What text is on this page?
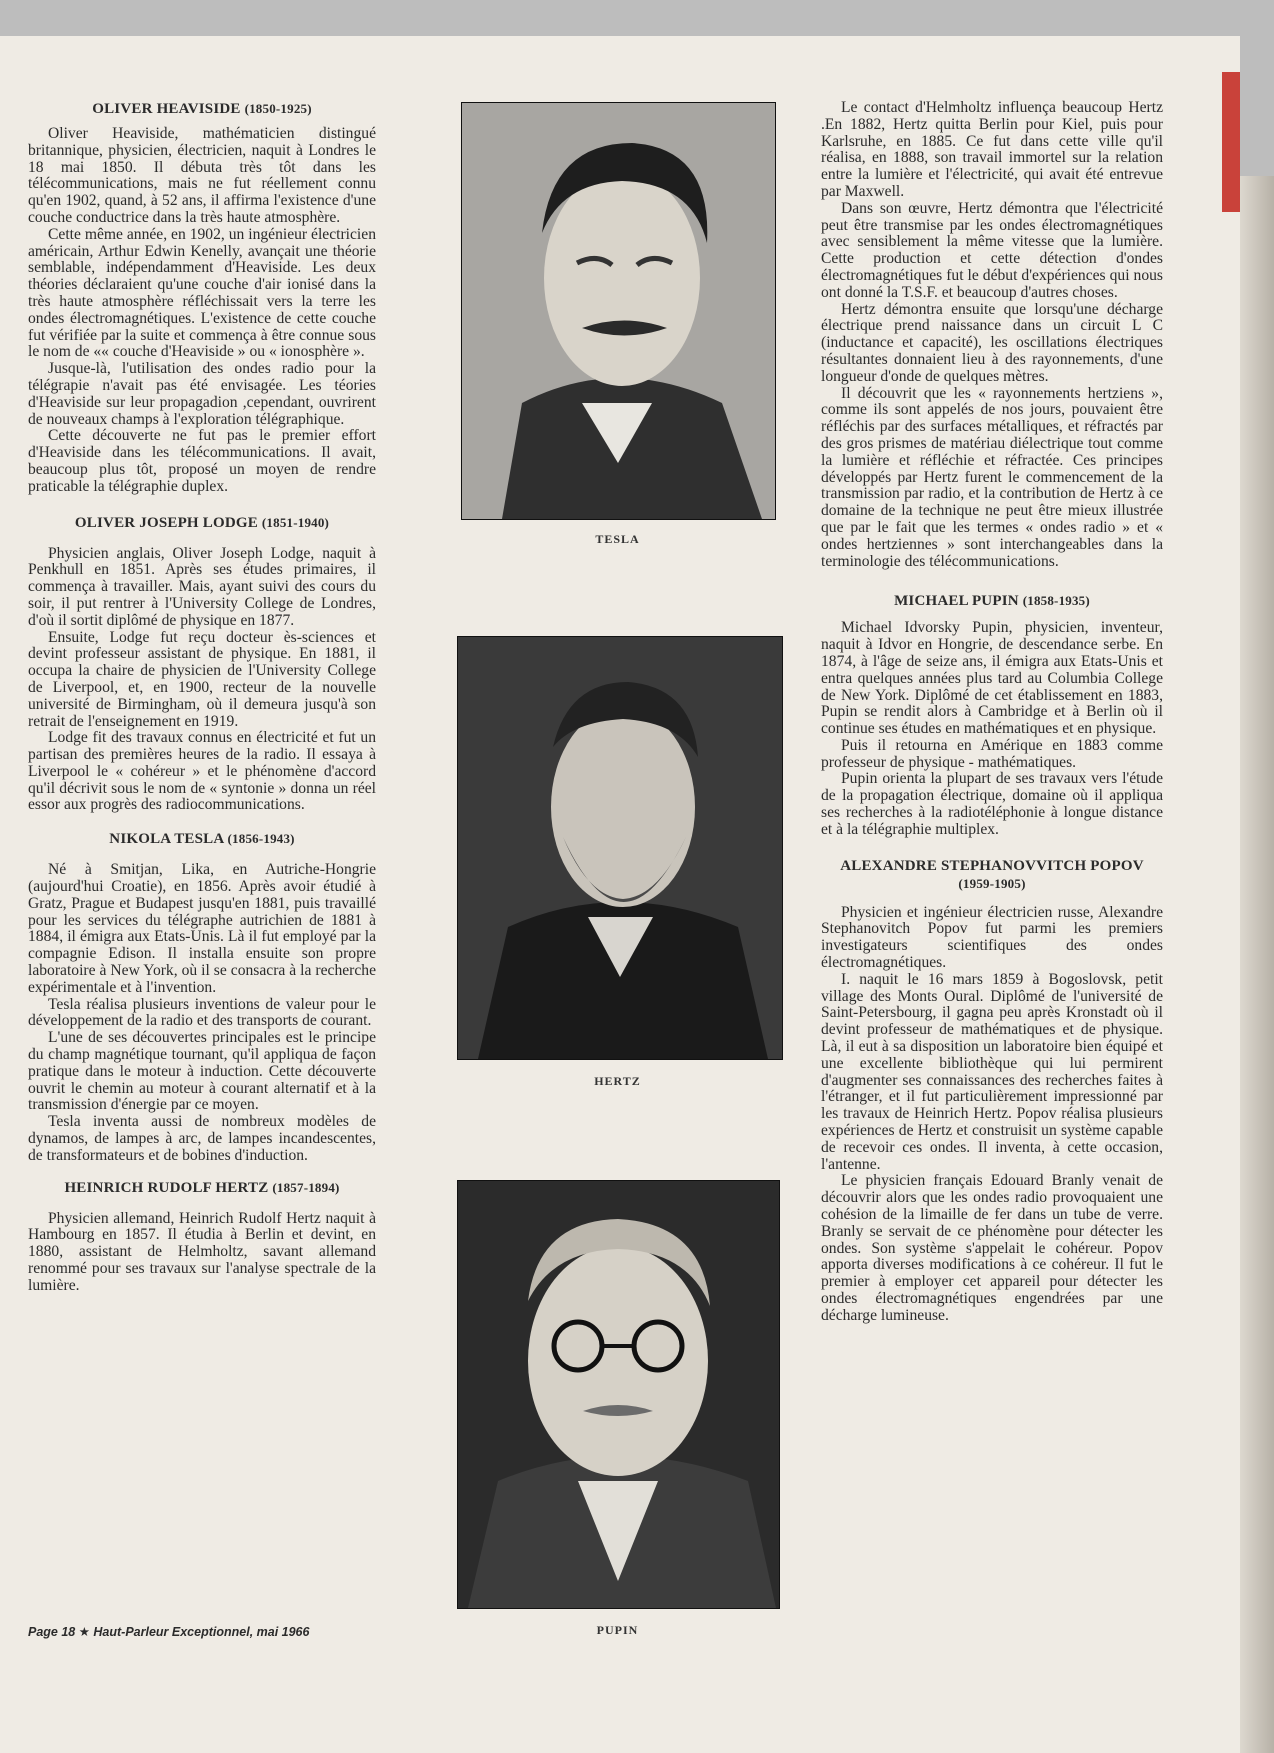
OLIVER HEAVISIDE (1850-1925)

Oliver Heaviside, mathématicien distingué britannique, physicien, électricien, naquit à Londres le 18 mai 1850. Il débuta très tôt dans les télécommunications, mais ne fut réellement connu qu'en 1902, quand, à 52 ans, il affirma l'existence d'une couche conductrice dans la très haute atmosphère.

Cette même année, en 1902, un ingénieur électricien américain, Arthur Edwin Kenelly, avançait une théorie semblable, indépendamment d'Heaviside. Les deux théories déclaraient qu'une couche d'air ionisé dans la très haute atmosphère réfléchissait vers la terre les ondes électromagnétiques. L'existence de cette couche fut vérifiée par la suite et commença à être connue sous le nom de «« couche d'Heaviside » ou « ionosphère ».

Jusque-là, l'utilisation des ondes radio pour la télégrapie n'avait pas été envisagée. Les téories d'Heaviside sur leur propagadion ,cependant, ouvrirent de nouveaux champs à l'exploration télégraphique.

Cette découverte ne fut pas le premier effort d'Heaviside dans les télécommunications. Il avait, beaucoup plus tôt, proposé un moyen de rendre praticable la télégraphie duplex.

OLIVER JOSEPH LODGE (1851-1940)

Physicien anglais, Oliver Joseph Lodge, naquit à Penkhull en 1851. Après ses études primaires, il commença à travailler. Mais, ayant suivi des cours du soir, il put rentrer à l'University College de Londres, d'où il sortit diplômé de physique en 1877.

Ensuite, Lodge fut reçu docteur ès-sciences et devint professeur assistant de physique. En 1881, il occupa la chaire de physicien de l'University College de Liverpool, et, en 1900, recteur de la nouvelle université de Birmingham, où il demeura jusqu'à son retrait de l'enseignement en 1919.

Lodge fit des travaux connus en électricité et fut un partisan des premières heures de la radio. Il essaya à Liverpool le « cohéreur » et le phénomène d'accord qu'il décrivit sous le nom de « syntonie » donna un réel essor aux progrès des radiocommunications.

NIKOLA TESLA (1856-1943)

Né à Smitjan, Lika, en Autriche-Hongrie (aujourd'hui Croatie), en 1856. Après avoir étudié à Gratz, Prague et Budapest jusqu'en 1881, puis travaillé pour les services du télégraphe autrichien de 1881 à 1884, il émigra aux Etats-Unis. Là il fut employé par la compagnie Edison. Il installa ensuite son propre laboratoire à New York, où il se consacra à la recherche expérimentale et à l'invention.

Tesla réalisa plusieurs inventions de valeur pour le développement de la radio et des transports de courant.

L'une de ses découvertes principales est le principe du champ magnétique tournant, qu'il appliqua de façon pratique dans le moteur à induction. Cette découverte ouvrit le chemin au moteur à courant alternatif et à la transmission d'énergie par ce moyen.

Tesla inventa aussi de nombreux modèles de dynamos, de lampes à arc, de lampes incandescentes, de transformateurs et de bobines d'induction.

HEINRICH RUDOLF HERTZ (1857-1894)

Physicien allemand, Heinrich Rudolf Hertz naquit à Hambourg en 1857. Il étudia à Berlin et devint, en 1880, assistant de Helmholtz, savant allemand renommé pour ses travaux sur l'analyse spectrale de la lumière.

TESLA
HERTZ
PUPIN

Le contact d'Helmholtz influença beaucoup Hertz .En 1882, Hertz quitta Berlin pour Kiel, puis pour Karlsruhe, en 1885. Ce fut dans cette ville qu'il réalisa, en 1888, son travail immortel sur la relation entre la lumière et l'électricité, qui avait été entrevue par Maxwell.

Dans son œuvre, Hertz démontra que l'électricité peut être transmise par les ondes électromagnétiques avec sensiblement la même vitesse que la lumière. Cette production et cette détection d'ondes électromagnétiques fut le début d'expériences qui nous ont donné la T.S.F. et beaucoup d'autres choses.

Hertz démontra ensuite que lorsqu'une décharge électrique prend naissance dans un circuit L C (inductance et capacité), les oscillations électriques résultantes donnaient lieu à des rayonnements, d'une longueur d'onde de quelques mètres.

Il découvrit que les « rayonnements hertziens », comme ils sont appelés de nos jours, pouvaient être réfléchis par des surfaces métalliques, et réfractés par des gros prismes de matériau diélectrique tout comme la lumière et réfléchie et réfractée. Ces principes développés par Hertz furent le commencement de la transmission par radio, et la contribution de Hertz à ce domaine de la technique ne peut être mieux illustrée que par le fait que les termes « ondes radio » et « ondes hertziennes » sont interchangeables dans la terminologie des télécommunications.

MICHAEL PUPIN (1858-1935)

Michael Idvorsky Pupin, physicien, inventeur, naquit à Idvor en Hongrie, de descendance serbe. En 1874, à l'âge de seize ans, il émigra aux Etats-Unis et entra quelques années plus tard au Columbia College de New York. Diplômé de cet établissement en 1883, Pupin se rendit alors à Cambridge et à Berlin où il continue ses études en mathématiques et en physique.

Puis il retourna en Amérique en 1883 comme professeur de physique - mathématiques.

Pupin orienta la plupart de ses travaux vers l'étude de la propagation électrique, domaine où il appliqua ses recherches à la radiotéléphonie à longue distance et à la télégraphie multiplex.

ALEXANDRE STEPHANOVVITCH POPOV
(1959-1905)

Physicien et ingénieur électricien russe, Alexandre Stephanovitch Popov fut parmi les premiers investigateurs scientifiques des ondes électromagnétiques.

I. naquit le 16 mars 1859 à Bogoslovsk, petit village des Monts Oural. Diplômé de l'université de Saint-Petersbourg, il gagna peu après Kronstadt où il devint professeur de mathématiques et de physique. Là, il eut à sa disposition un laboratoire bien équipé et une excellente bibliothèque qui lui permirent d'augmenter ses connaissances des recherches faites à l'étranger, et il fut particulièrement impressionné par les travaux de Heinrich Hertz. Popov réalisa plusieurs expériences de Hertz et construisit un système capable de recevoir ces ondes. Il inventa, à cette occasion, l'antenne.

Le physicien français Edouard Branly venait de découvrir alors que les ondes radio provoquaient une cohésion de la limaille de fer dans un tube de verre. Branly se servait de ce phénomène pour détecter les ondes. Son système s'appelait le cohéreur. Popov apporta diverses modifications à ce cohéreur. Il fut le premier à employer cet appareil pour détecter les ondes électromagnétiques engendrées par une décharge lumineuse.

Page 18 ★ Haut-Parleur Exceptionnel, mai 1966
